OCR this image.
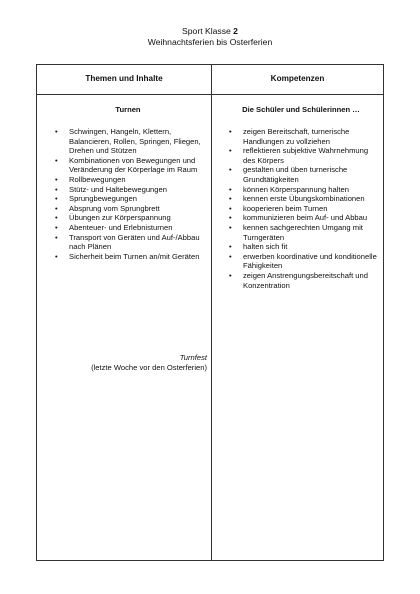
Sport Klasse 2
Weihnachtsferien bis Osterferien
Themen und Inhalte	Kompetenzen
Turnen
• Schwingen, Hangeln, Klettern, Balancieren, Rollen, Springen, Fliegen, Drehen und Stützen
• Kombinationen von Bewegungen und Veränderung der Körperlage im Raum
• Rollbewegungen
• Stütz- und Haltebewegungen
• Sprungbewegungen
• Absprung vom Sprungbrett
• Übungen zur Körperspannung
• Abenteuer- und Erlebnisturnen
• Transport von Geräten und Auf-/Abbau nach Plänen
• Sicherheit beim Turnen an/mit Geräten
Turnfest
(letzte Woche vor den Osterferien)
Die Schüler und Schülerinnen …
• zeigen Bereitschaft, turnerische Handlungen zu vollziehen
• reflektieren subjektive Wahrnehmung des Körpers
• gestalten und üben turnerische Grundtätigkeiten
• können Körperspannung halten
• kennen erste Übungskombinationen
• kooperieren beim Turnen
• kommunizieren beim Auf- und Abbau
• kennen sachgerechten Umgang mit Turngeräten
• halten sich fit
• erwerben koordinative und konditionelle Fähigkeiten
• zeigen Anstrengungsbereitschaft und Konzentration
